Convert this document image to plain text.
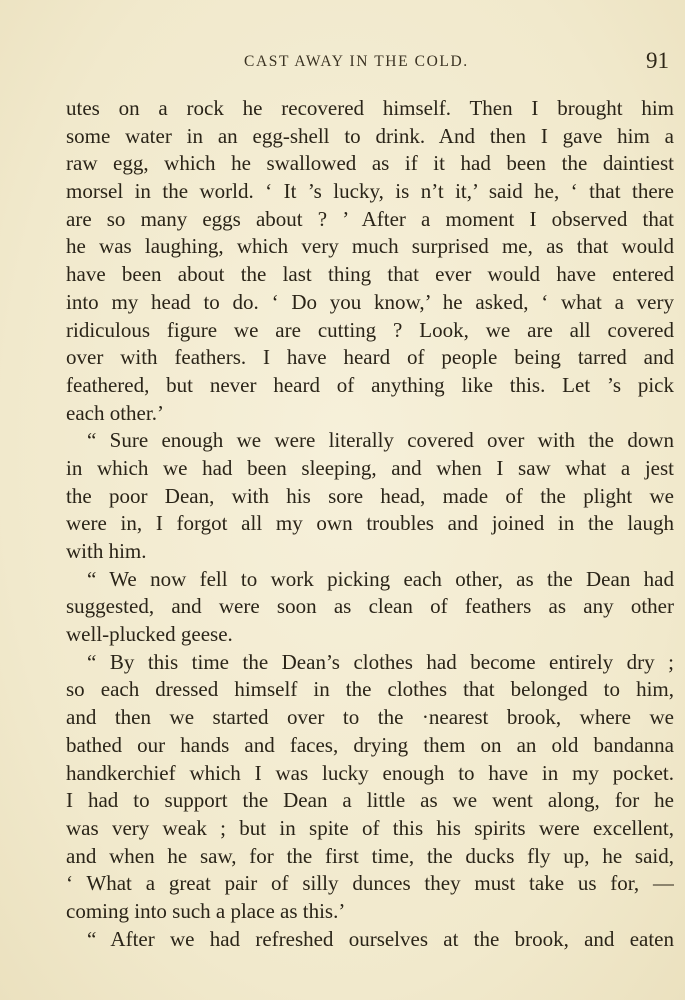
CAST AWAY IN THE COLD.	91
utes on a rock he recovered himself. Then I brought him
some water in an egg-shell to drink. And then I gave him a
raw egg, which he swallowed as if it had been the daintiest
morsel in the world. ‘ It ’s lucky, is n’t it,’ said he, ‘ that there
are so many eggs about ? ’ After a moment I observed that
he was laughing, which very much surprised me, as that would
have been about the last thing that ever would have entered
into my head to do. ‘ Do you know,’ he asked, ‘ what a very
ridiculous figure we are cutting ? Look, we are all covered
over with feathers. I have heard of people being tarred and
feathered, but never heard of anything like this. Let ’s pick
each other.’
“ Sure enough we were literally covered over with the down
in which we had been sleeping, and when I saw what a jest
the poor Dean, with his sore head, made of the plight we
were in, I forgot all my own troubles and joined in the laugh
with him.
“ We now fell to work picking each other, as the Dean had
suggested, and were soon as clean of feathers as any other
well-plucked geese.
“ By this time the Dean’s clothes had become entirely dry ;
so each dressed himself in the clothes that belonged to him,
and then we started over to the ·nearest brook, where we
bathed our hands and faces, drying them on an old bandanna
handkerchief which I was lucky enough to have in my pocket.
I had to support the Dean a little as we went along, for he
was very weak ; but in spite of this his spirits were excellent,
and when he saw, for the first time, the ducks fly up, he said,
‘ What a great pair of silly dunces they must take us for, —
coming into such a place as this.’
“ After we had refreshed ourselves at the brook, and eaten
